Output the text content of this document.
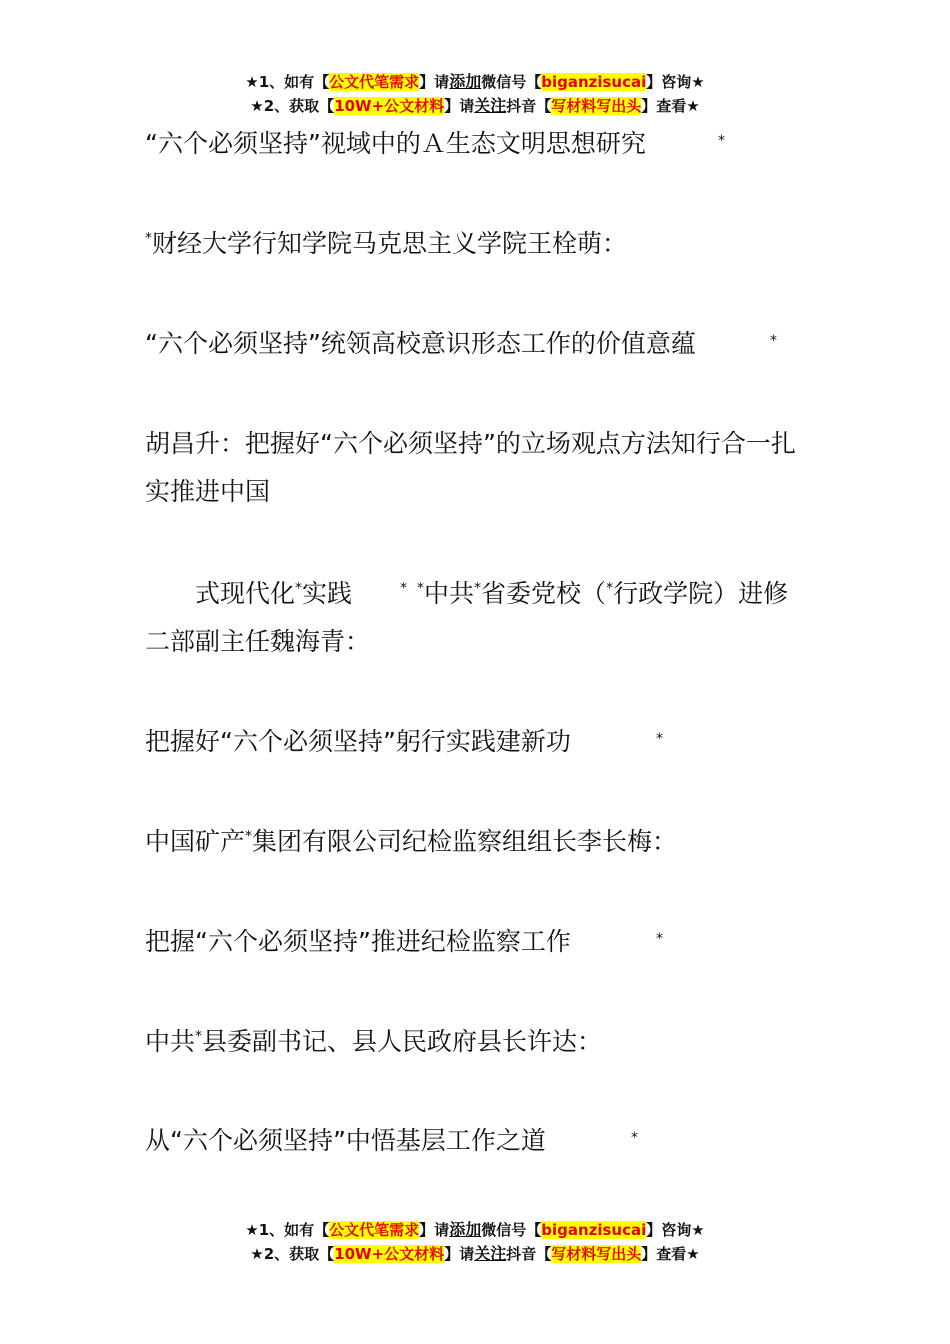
★1、如有【公文代笔需求】请添加微信号【biganzisucai】咨询★
★2、获取【10W+公文材料】请关注抖音【写材料写出头】查看★
“六个必须坚持”视域中的Ａ生态文明思想研究	*
*财经大学行知学院马克思主义学院王栓萌：
“六个必须坚持”统领高校意识形态工作的价值意蕴	*
胡昌升：把握好“六个必须坚持”的立场观点方法知行合一扎实推进中国
式现代化*实践	* *中共*省委党校（*行政学院）进修二部副主任魏海青：
把握好“六个必须坚持”躬行实践建新功	*
中国矿产*集团有限公司纪检监察组组长李长梅：
把握“六个必须坚持”推进纪检监察工作	*
中共*县委副书记、县人民政府县长许达：
从“六个必须坚持”中悟基层工作之道	*
★1、如有【公文代笔需求】请添加微信号【biganzisucai】咨询★
★2、获取【10W+公文材料】请关注抖音【写材料写出头】查看★
